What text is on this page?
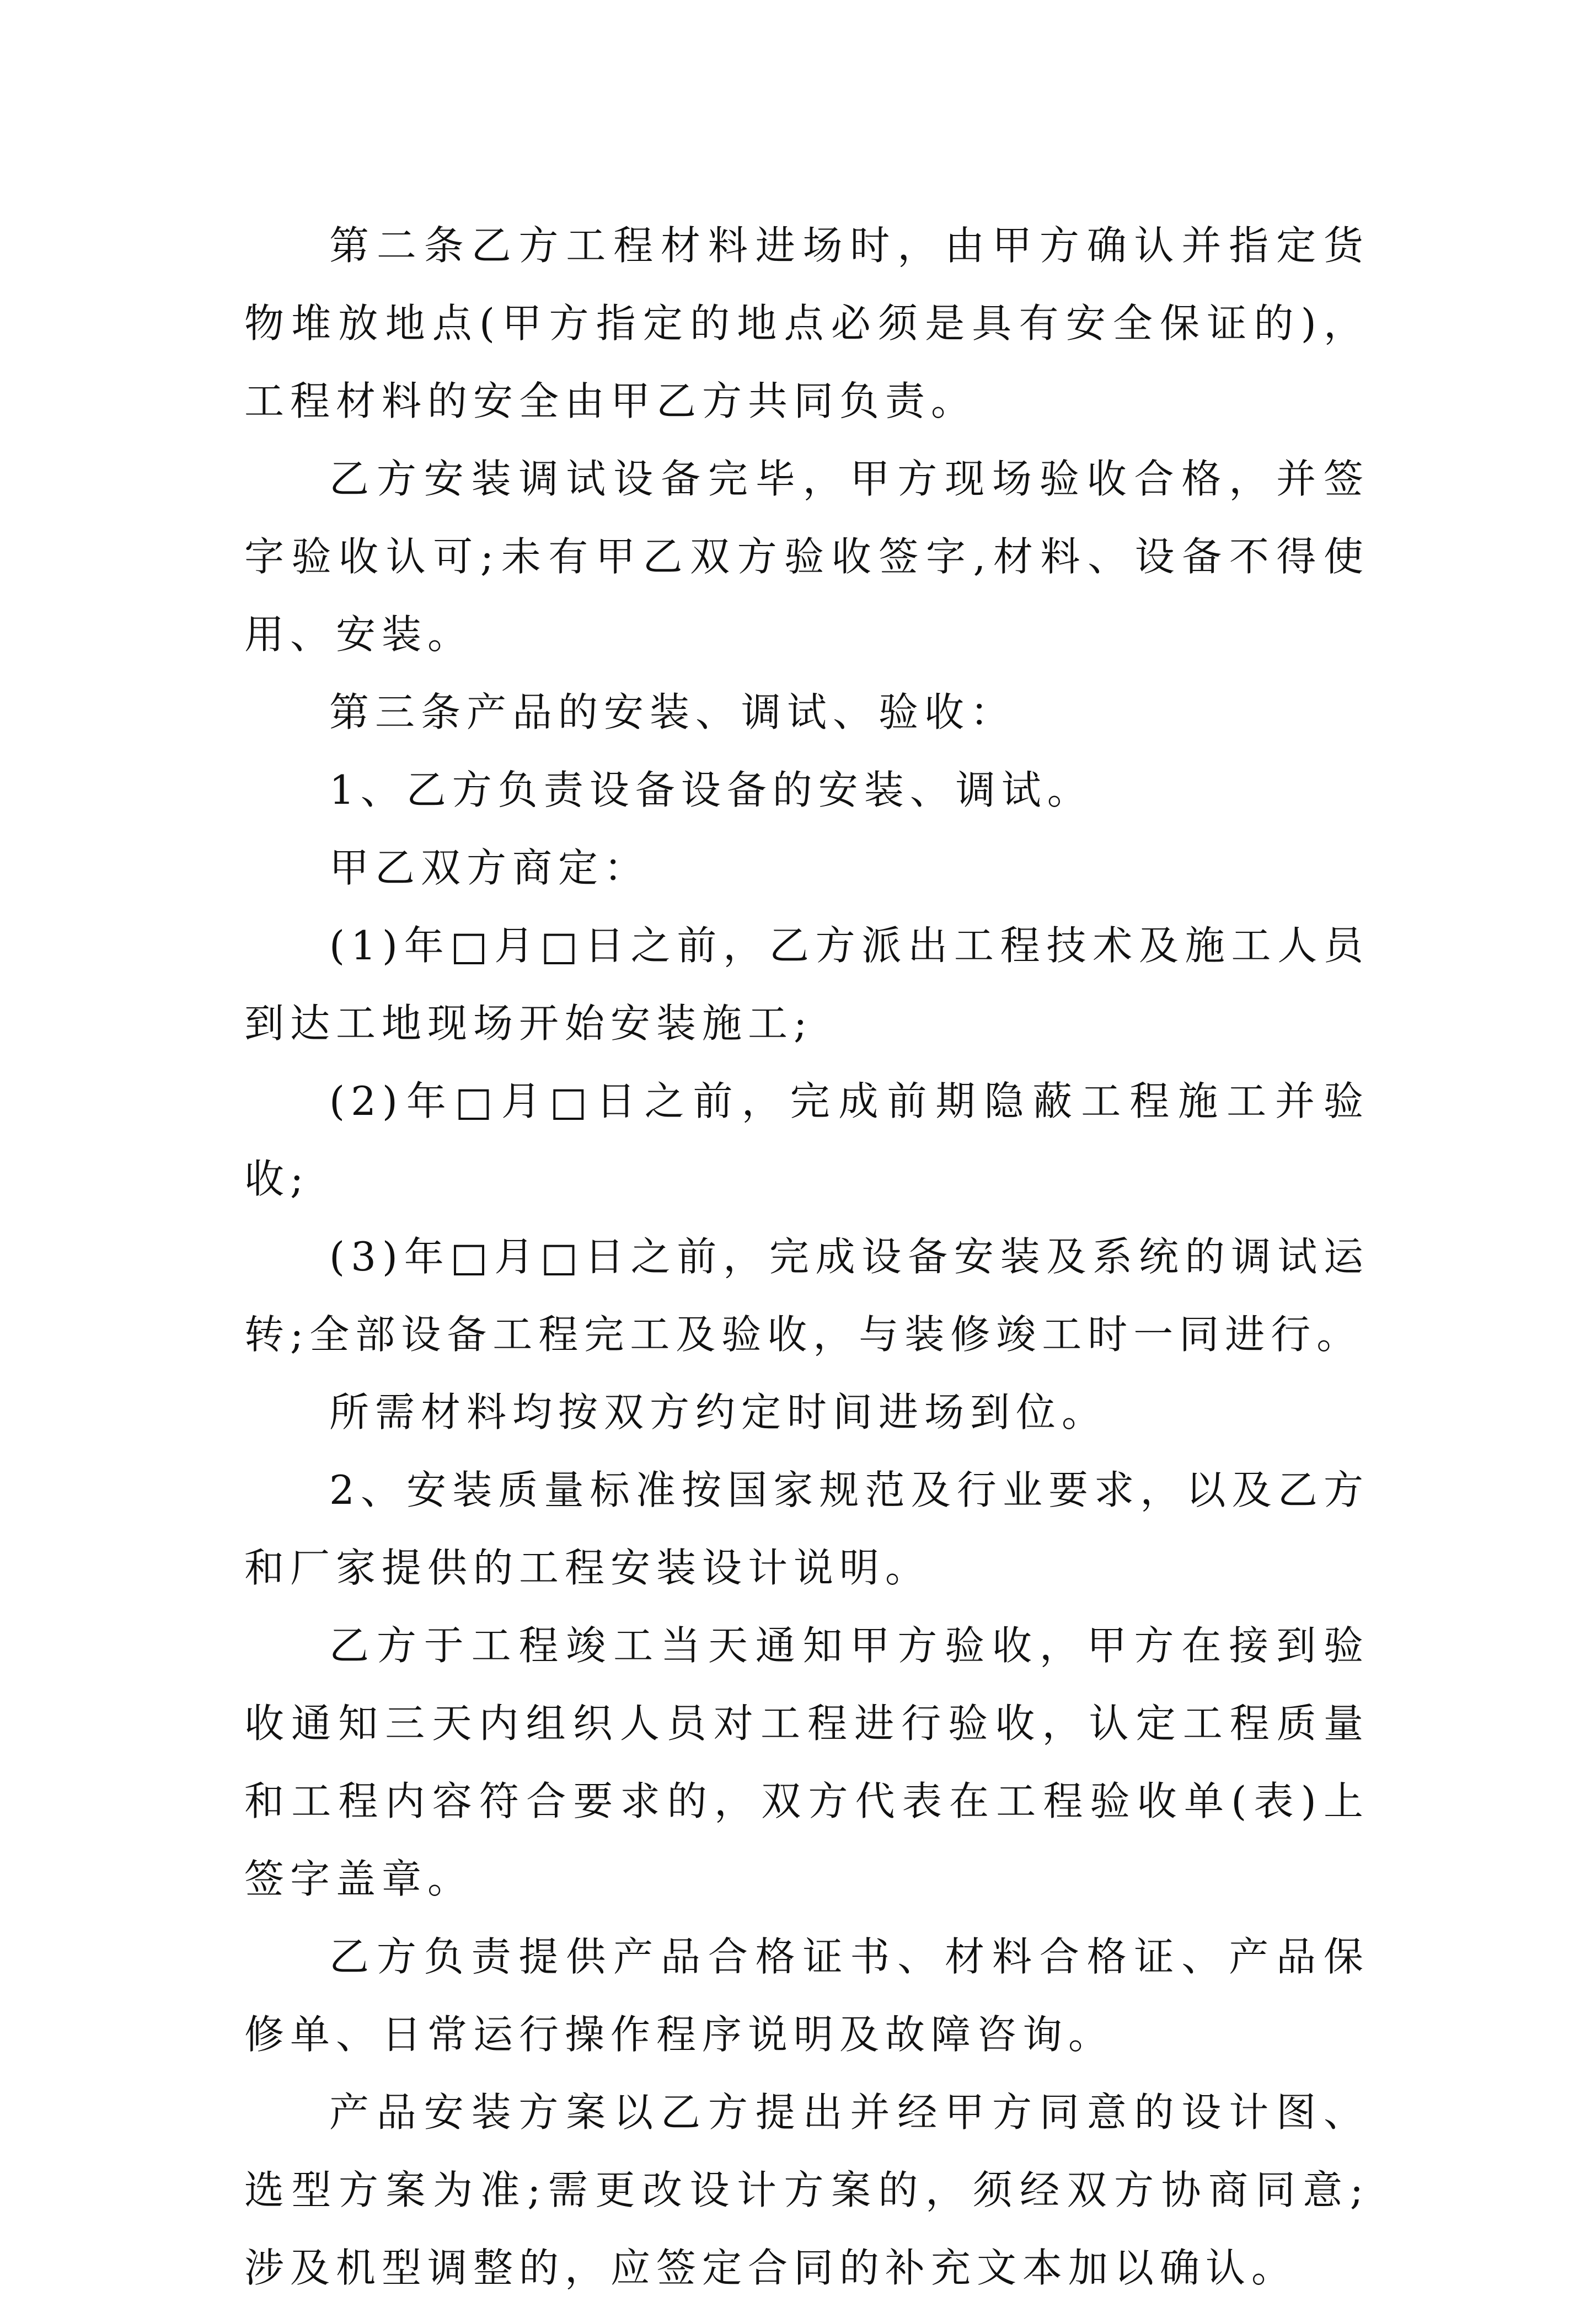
第二条乙方工程材料进场时，由甲方确认并指定货物堆放地点(甲方指定的地点必须是具有安全保证的)，工程材料的安全由甲乙方共同负责。

乙方安装调试设备完毕，甲方现场验收合格，并签字验收认可;未有甲乙双方验收签字,材料、设备不得使用、安装。

第三条产品的安装、调试、验收：

1、乙方负责设备设备的安装、调试。

甲乙双方商定：

(1)年□月□日之前，乙方派出工程技术及施工人员到达工地现场开始安装施工;

(2)年□月□日之前，完成前期隐蔽工程施工并验收;

(3)年□月□日之前，完成设备安装及系统的调试运转;全部设备工程完工及验收，与装修竣工时一同进行。

所需材料均按双方约定时间进场到位。

2、安装质量标准按国家规范及行业要求，以及乙方和厂家提供的工程安装设计说明。

乙方于工程竣工当天通知甲方验收，甲方在接到验收通知三天内组织人员对工程进行验收，认定工程质量和工程内容符合要求的，双方代表在工程验收单(表)上签字盖章。

乙方负责提供产品合格证书、材料合格证、产品保修单、日常运行操作程序说明及故障咨询。

产品安装方案以乙方提出并经甲方同意的设计图、选型方案为准;需更改设计方案的，须经双方协商同意;涉及机型调整的，应签定合同的补充文本加以确认。
